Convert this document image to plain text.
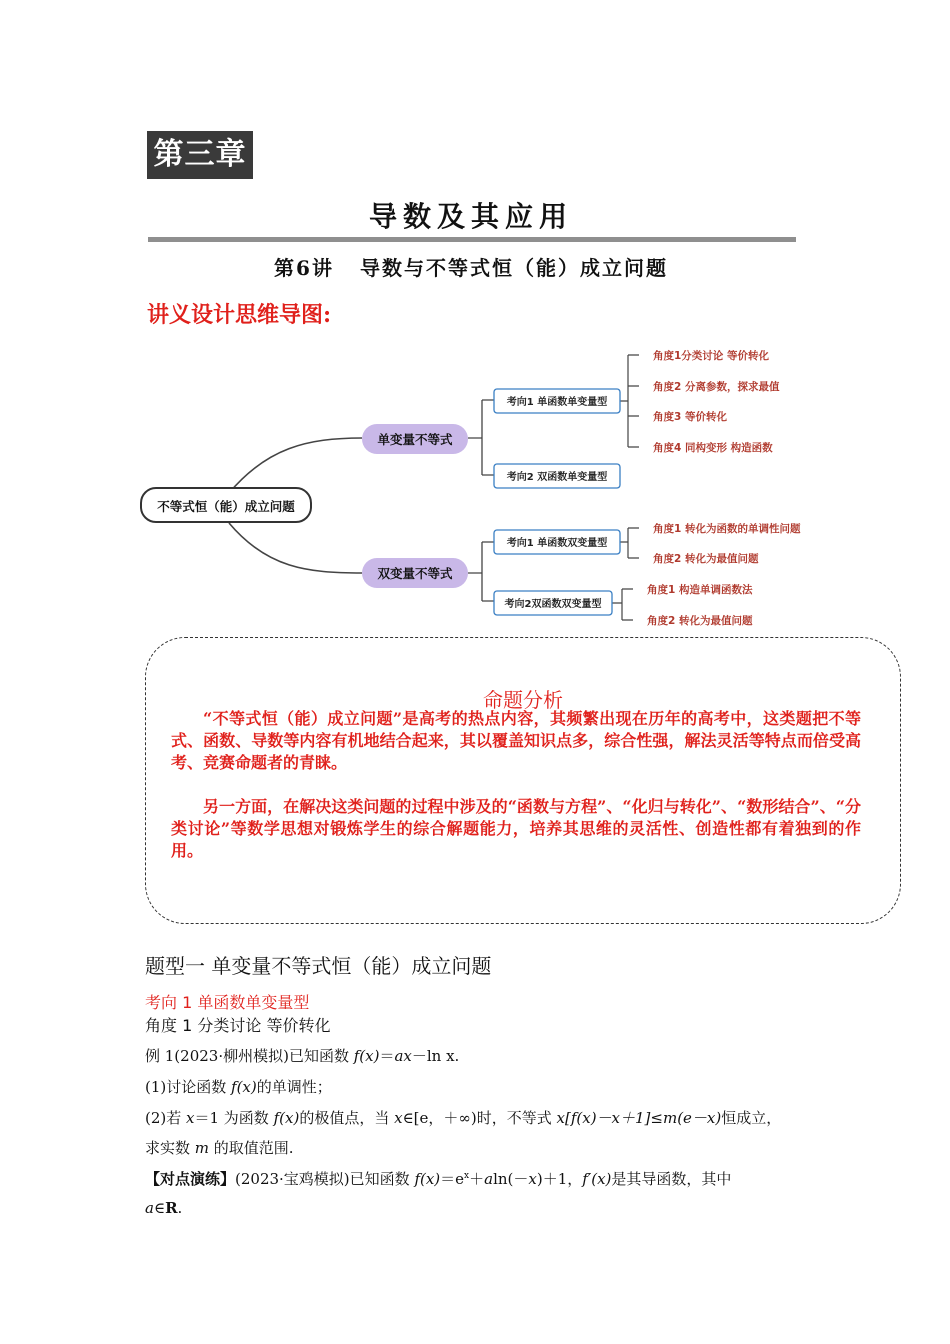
第三章
导数及其应用
第6讲 导数与不等式恒（能）成立问题
讲义设计思维导图:
不等式恒（能）成立问题
单变量不等式
双变量不等式
考向1 单函数单变量型
考向2 双函数单变量型
考向1 单函数双变量型
考向2双函数双变量型
角度1分类讨论 等价转化
角度2 分离参数，探求最值
角度3 等价转化
角度4 同构变形 构造函数
角度1 转化为函数的单调性问题
角度2 转化为最值问题
角度1 构造单调函数法
角度2 转化为最值问题
命题分析

“不等式恒（能）成立问题”是高考的热点内容，其频繁出现在历年的高考中，这类题把不等式、函数、导数等内容有机地结合起来，其以覆盖知识点多，综合性强，解法灵活等特点而倍受高考、竞赛命题者的青睐。

另一方面，在解决这类问题的过程中涉及的“函数与方程”、“化归与转化”、“数形结合”、“分类讨论”等数学思想对锻炼学生的综合解题能力，培养其思维的灵活性、创造性都有着独到的作用。

题型一 单变量不等式恒（能）成立问题
考向 1 单函数单变量型
角度 1 分类讨论 等价转化
例 1(2023·柳州模拟)已知函数 f(x)＝ax－ln x.
(1)讨论函数 f(x)的单调性；
(2)若 x＝1 为函数 f(x)的极值点，当 x∈[e，＋∞)时，不等式 x[f(x)－x＋1]≤m(e－x)恒成立，
求实数 m 的取值范围.
【对点演练】(2023·宝鸡模拟)已知函数 $f(x)=e^x+aln(-x)+1$，f′(x)是其导函数，其中
a∈R.
